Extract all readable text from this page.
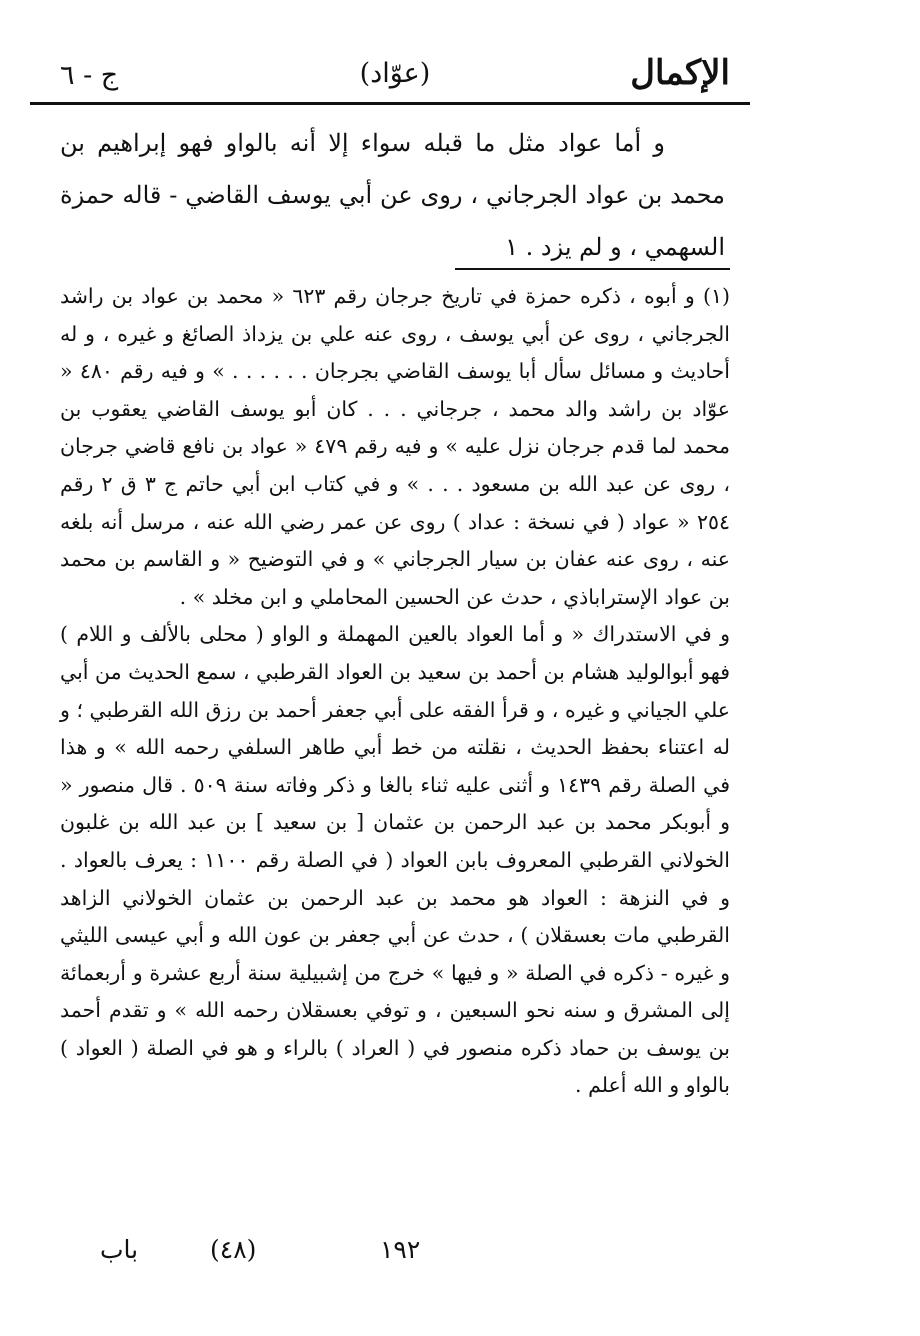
الإكمال
(عوّاد)
ج - ٦

و أما عواد مثل ما قبله سواء إلا أنه بالواو فهو إبراهيم بن محمد بن عواد الجرجاني ، روى عن أبي يوسف القاضي - قاله حمزة السهمي ، و لم يزد . ١

(١) و أبوه ، ذكره حمزة في تاريخ جرجان رقم ٦٢٣ « محمد بن عواد بن راشد الجرجاني ، روى عن أبي يوسف ، روى عنه علي بن يزداذ الصائغ و غيره ، و له أحاديث و مسائل سأل أبا يوسف القاضي بجرجان . . . . . . » و فيه رقم ٤٨٠ « عوّاد بن راشد والد محمد ، جرجاني . . . كان أبو يوسف القاضي يعقوب بن محمد لما قدم جرجان نزل عليه » و فيه رقم ٤٧٩ « عواد بن نافع قاضي جرجان ، روى عن عبد الله بن مسعود . . . » و في كتاب ابن أبي حاتم ج ٣ ق ٢ رقم ٢٥٤ « عواد ( في نسخة : عداد ) روى عن عمر رضي الله عنه ، مرسل أنه بلغه عنه ، روى عنه عفان بن سيار الجرجاني » و في التوضيح « و القاسم بن محمد بن عواد الإستراباذي ، حدث عن الحسين المحاملي و ابن مخلد » .

و في الاستدراك « و أما العواد بالعين المهملة و الواو ( محلى بالألف و اللام ) فهو أبوالوليد هشام بن أحمد بن سعيد بن العواد القرطبي ، سمع الحديث من أبي علي الجياني و غيره ، و قرأ الفقه على أبي جعفر أحمد بن رزق الله القرطبي ؛ و له اعتناء بحفظ الحديث ، نقلته من خط أبي طاهر السلفي رحمه الله » و هذا في الصلة رقم ١٤٣٩ و أثنى عليه ثناء بالغا و ذكر وفاته سنة ٥٠٩ . قال منصور « و أبوبكر محمد بن عبد الرحمن بن عثمان [ بن سعيد ] بن عبد الله بن غلبون الخولاني القرطبي المعروف بابن العواد ( في الصلة رقم ١١٠٠ : يعرف بالعواد . و في النزهة : العواد هو محمد بن عبد الرحمن بن عثمان الخولاني الزاهد القرطبي مات بعسقلان ) ، حدث عن أبي جعفر بن عون الله و أبي عيسى الليثي و غيره - ذكره في الصلة « و فيها » خرج من إشبيلية سنة أربع عشرة و أربعمائة إلى المشرق و سنه نحو السبعين ، و توفي بعسقلان رحمه الله » و تقدم أحمد بن يوسف بن حماد ذكره منصور في ( العراد ) بالراء و هو في الصلة ( العواد ) بالواو و الله أعلم .

١٩٢
(٤٨)
باب
